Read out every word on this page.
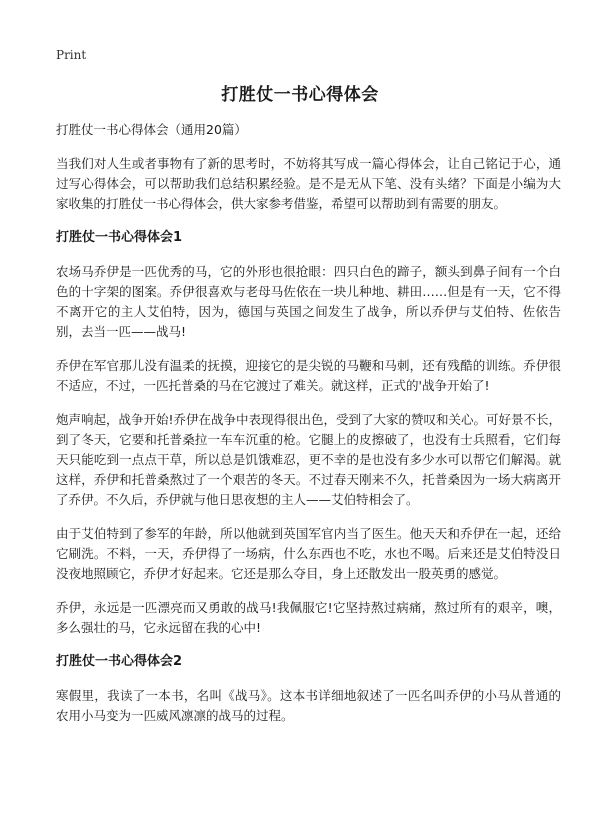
Print
打胜仗一书心得体会

打胜仗一书心得体会（通用20篇）

当我们对人生或者事物有了新的思考时，不妨将其写成一篇心得体会，让自己铭记于心，通过写心得体会，可以帮助我们总结积累经验。是不是无从下笔、没有头绪？下面是小编为大家收集的打胜仗一书心得体会，供大家参考借鉴，希望可以帮助到有需要的朋友。

打胜仗一书心得体会1

农场马乔伊是一匹优秀的马，它的外形也很抢眼：四只白色的蹄子，额头到鼻子间有一个白色的十字架的图案。乔伊很喜欢与老母马佐依在一块儿种地、耕田……但是有一天，它不得不离开它的主人艾伯特，因为，德国与英国之间发生了战争，所以乔伊与艾伯特、佐依告别，去当一匹——战马!

乔伊在军官那儿没有温柔的抚摸，迎接它的是尖锐的马鞭和马刺，还有残酷的训练。乔伊很不适应，不过，一匹托普桑的马在它渡过了难关。就这样，正式的'战争开始了!

炮声响起，战争开始!乔伊在战争中表现得很出色，受到了大家的赞叹和关心。可好景不长，到了冬天，它要和托普桑拉一车车沉重的枪。它腿上的皮擦破了，也没有士兵照看，它们每天只能吃到一点点干草，所以总是饥饿难忍，更不幸的是也没有多少水可以帮它们解渴。就这样，乔伊和托普桑熬过了一个艰苦的冬天。不过春天刚来不久，托普桑因为一场大病离开了乔伊。不久后，乔伊就与他日思夜想的主人——艾伯特相会了。

由于艾伯特到了参军的年龄，所以他就到英国军官内当了医生。他天天和乔伊在一起，还给它刷洗。不料，一天，乔伊得了一场病，什么东西也不吃，水也不喝。后来还是艾伯特没日没夜地照顾它，乔伊才好起来。它还是那么夺目，身上还散发出一股英勇的感觉。

乔伊，永远是一匹漂亮而又勇敢的战马!我佩服它!它坚持熬过病痛，熬过所有的艰辛，噢，多么强壮的马，它永远留在我的心中!

打胜仗一书心得体会2

寒假里，我读了一本书，名叫《战马》。这本书详细地叙述了一匹名叫乔伊的小马从普通的农用小马变为一匹威风凛凛的战马的过程。
